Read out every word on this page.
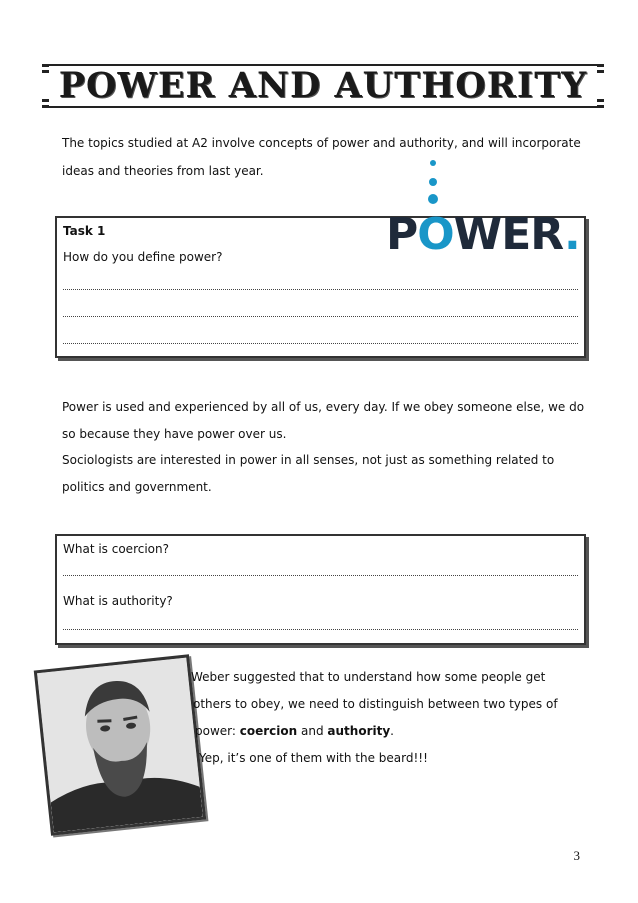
POWER AND AUTHORITY
The topics studied at A2 involve concepts of power and authority, and will incorporate
ideas and theories from last year.
Task 1
How do you define power?	POWER.
Power is used and experienced by all of us, every day. If we obey someone else, we do
so because they have power over us.
Sociologists are interested in power in all senses, not just as something related to
politics and government.
What is coercion?
What is authority?
Weber suggested that to understand how some people get
others to obey, we need to distinguish between two types of
power: coercion and authority.
Yep, it’s one of them with the beard!!!
3
